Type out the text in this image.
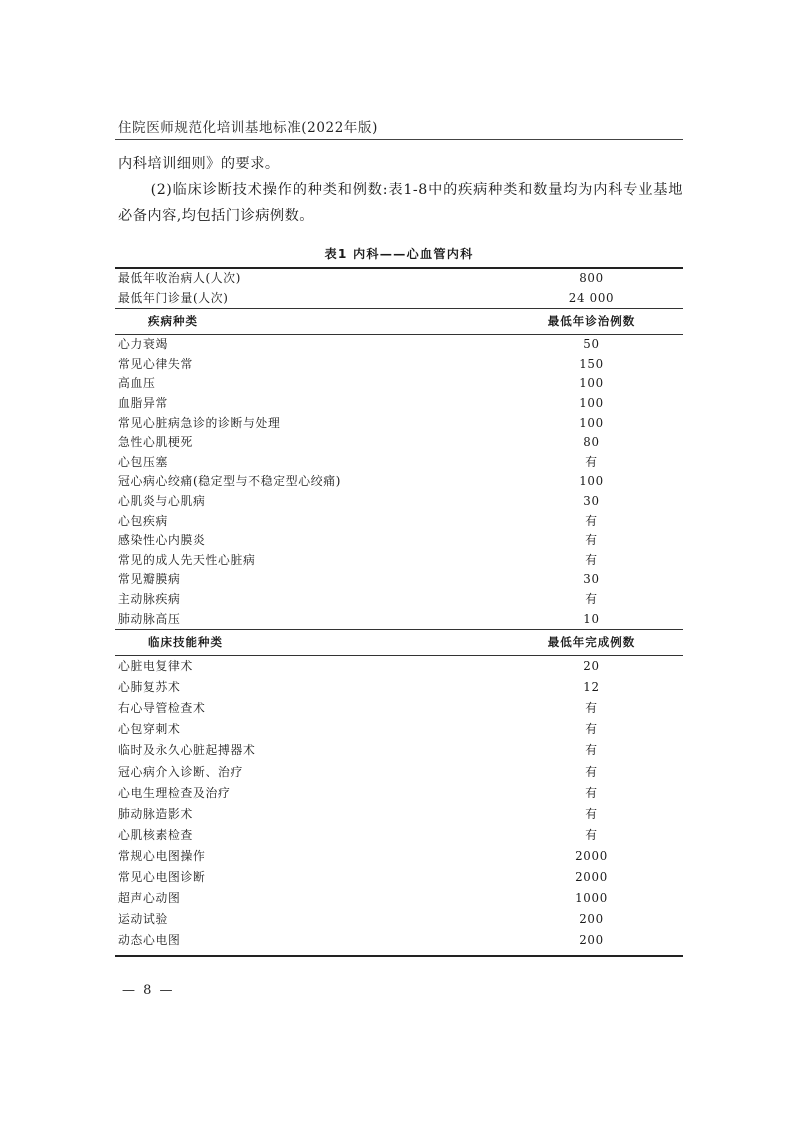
住院医师规范化培训基地标准(2022年版)

内科培训细则》的要求。

(2)临床诊断技术操作的种类和例数:表1-8中的疾病种类和数量均为内科专业基地必备内容,均包括门诊病例数。

表1 内科——心血管内科
最低年收治病人(人次)	800
最低年门诊量(人次)	24 000
疾病种类	最低年诊治例数
心力衰竭	50
常见心律失常	150
高血压	100
血脂异常	100
常见心脏病急诊的诊断与处理	100
急性心肌梗死	80
心包压塞	有
冠心病心绞痛(稳定型与不稳定型心绞痛)	100
心肌炎与心肌病	30
心包疾病	有
感染性心内膜炎	有
常见的成人先天性心脏病	有
常见瓣膜病	30
主动脉疾病	有
肺动脉高压	10
临床技能种类	最低年完成例数
心脏电复律术	20
心肺复苏术	12
右心导管检查术	有
心包穿刺术	有
临时及永久心脏起搏器术	有
冠心病介入诊断、治疗	有
心电生理检查及治疗	有
肺动脉造影术	有
心肌核素检查	有
常规心电图操作	2000
常见心电图诊断	2000
超声心动图	1000
运动试验	200
动态心电图	200
— 8 —
